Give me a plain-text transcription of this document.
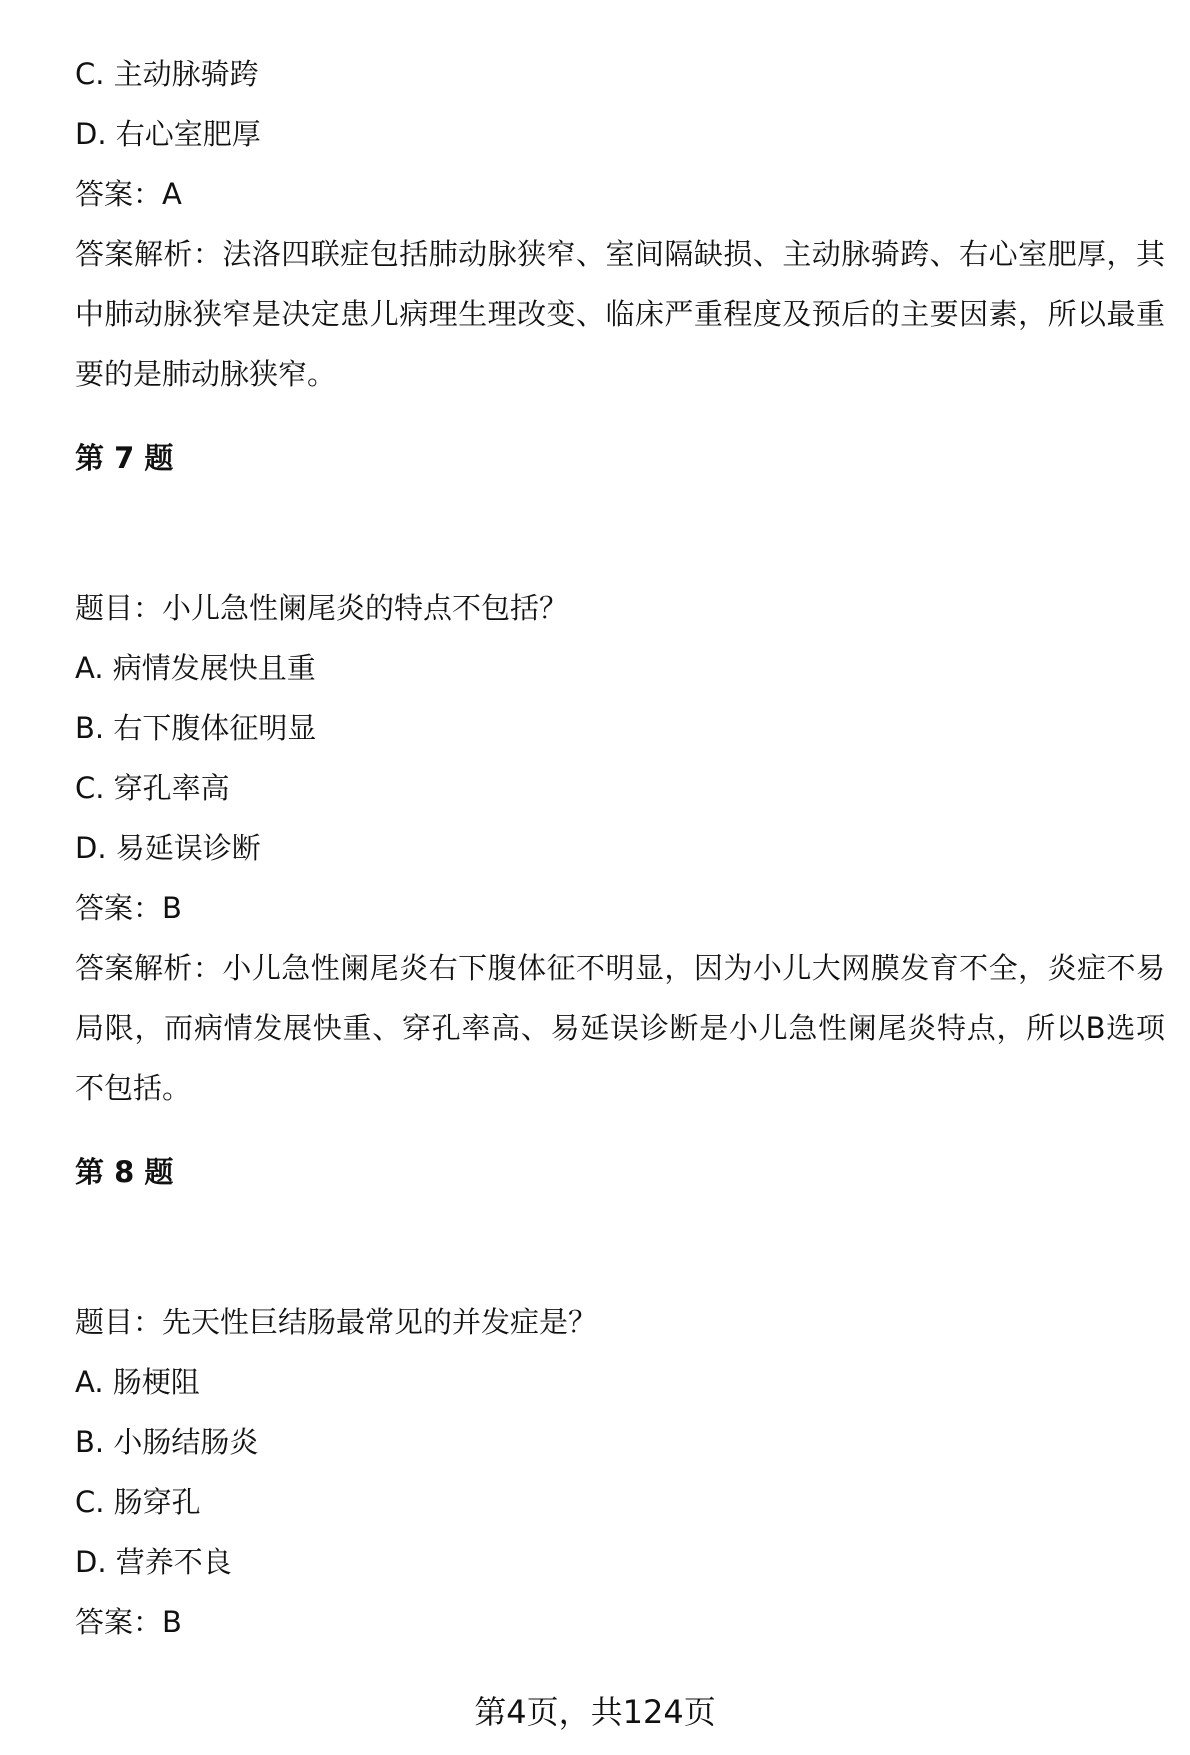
C. 主动脉骑跨
D. 右心室肥厚
答案：A
答案解析：法洛四联症包括肺动脉狭窄、室间隔缺损、主动脉骑跨、右心室肥厚，其中肺动脉狭窄是决定患儿病理生理改变、临床严重程度及预后的主要因素，所以最重要的是肺动脉狭窄。
第 7 题
题目：小儿急性阑尾炎的特点不包括？
A. 病情发展快且重
B. 右下腹体征明显
C. 穿孔率高
D. 易延误诊断
答案：B
答案解析：小儿急性阑尾炎右下腹体征不明显，因为小儿大网膜发育不全，炎症不易局限，而病情发展快重、穿孔率高、易延误诊断是小儿急性阑尾炎特点，所以B选项不包括。
第 8 题
题目：先天性巨结肠最常见的并发症是？
A. 肠梗阻
B. 小肠结肠炎
C. 肠穿孔
D. 营养不良
答案：B
第4页，共124页
